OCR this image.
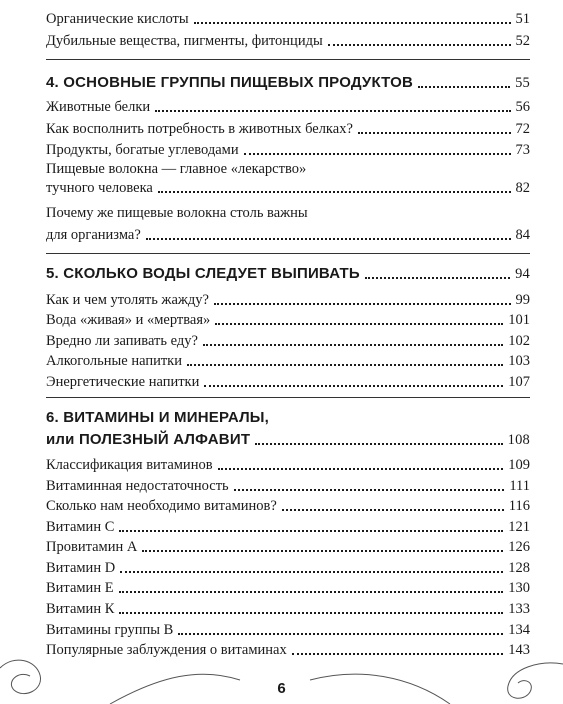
Органические кислоты	51
Дубильные вещества, пигменты, фитонциды	52
4. ОСНОВНЫЕ ГРУППЫ ПИЩЕВЫХ ПРОДУКТОВ	55
Животные белки	56
Как восполнить потребность в животных белках?	72
Продукты, богатые углеводами	73
Пищевые волокна — главное «лекарство»
тучного человека	82
Почему же пищевые волокна столь важны
для организма?	84
5. СКОЛЬКО ВОДЫ СЛЕДУЕТ ВЫПИВАТЬ	94
Как и чем утолять жажду?	99
Вода «живая» и «мертвая»	101
Вредно ли запивать еду?	102
Алкогольные напитки	103
Энергетические напитки	107
6. ВИТАМИНЫ И МИНЕРАЛЫ,
или ПОЛЕЗНЫЙ АЛФАВИТ	108
Классификация витаминов	109
Витаминная недостаточность	111
Сколько нам необходимо витаминов?	116
Витамин С	121
Провитамин А	126
Витамин D	128
Витамин Е	130
Витамин К	133
Витамины группы В	134
Популярные заблуждения о витаминах	143
6
